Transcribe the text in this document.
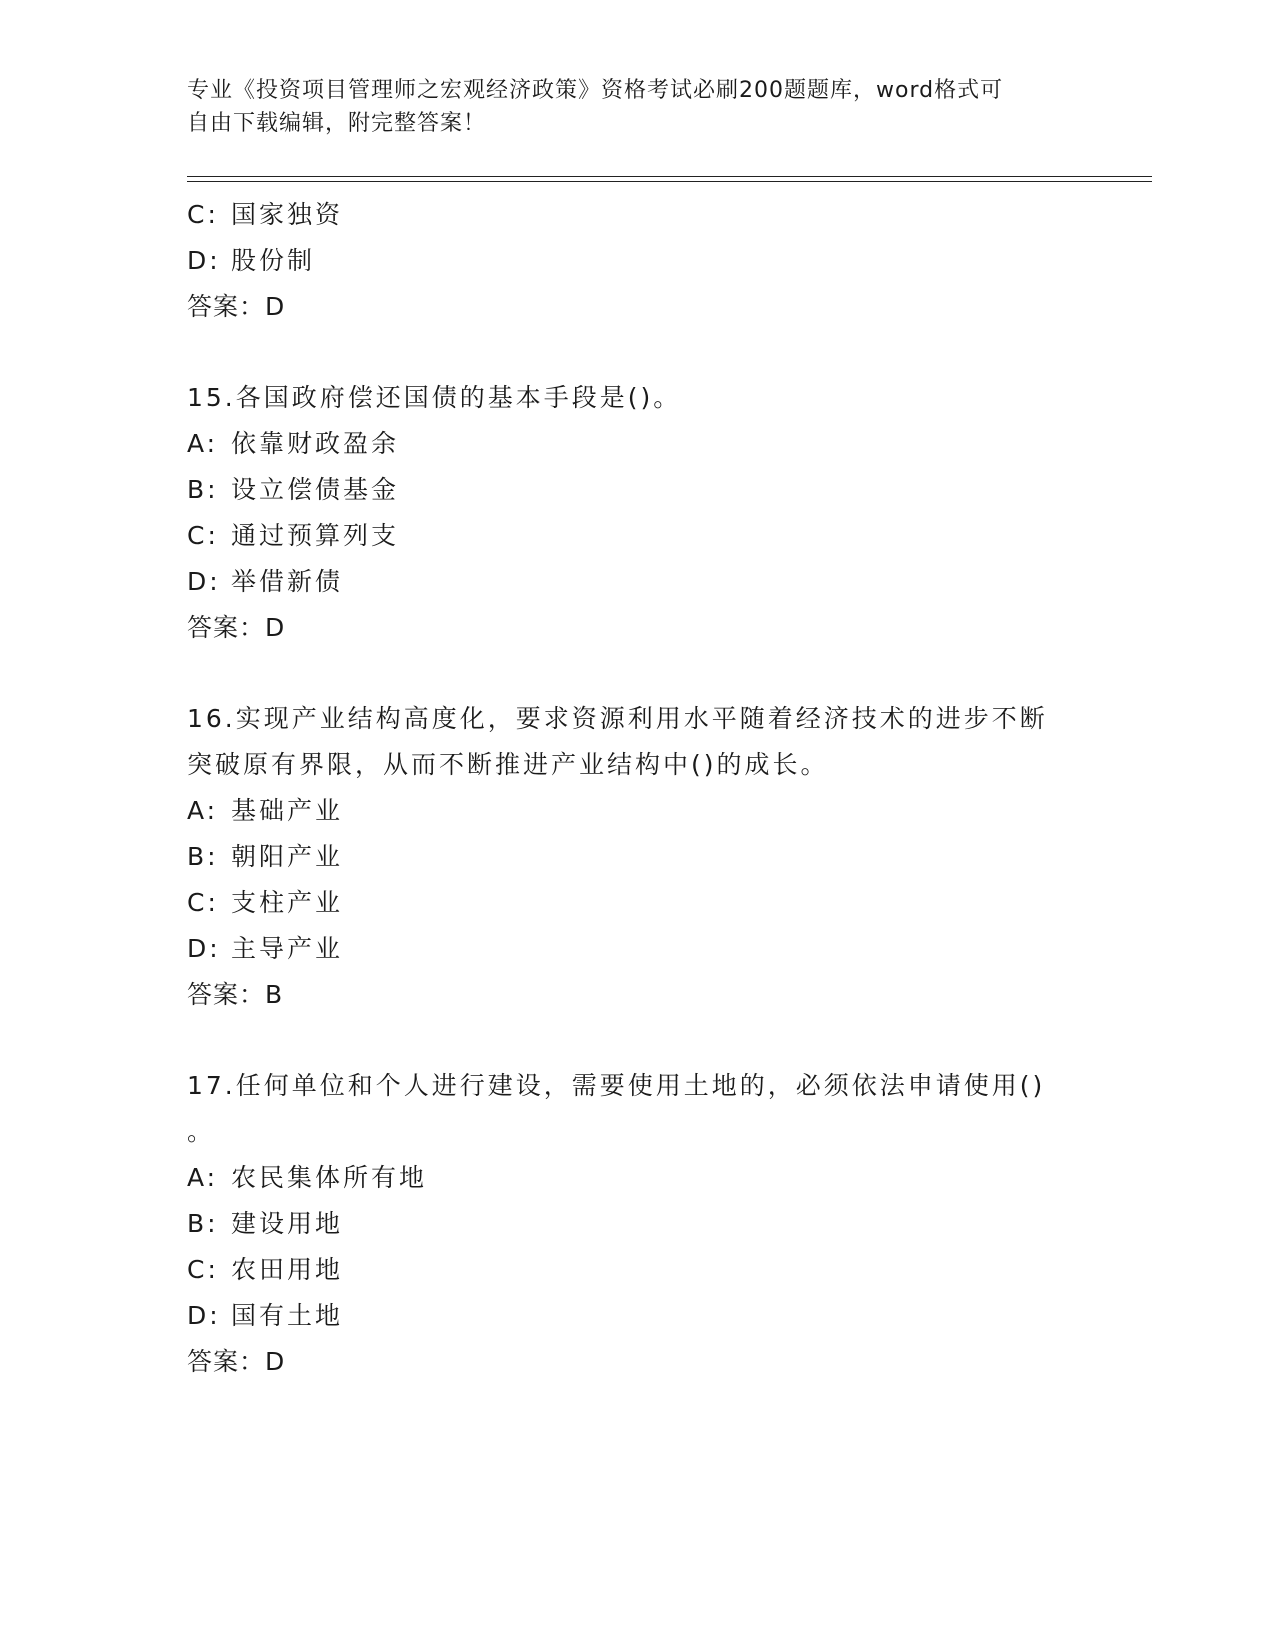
专业《投资项目管理师之宏观经济政策》资格考试必刷200题题库，word格式可
自由下载编辑，附完整答案！
C: 国家独资
D: 股份制
答案：D
15.各国政府偿还国债的基本手段是()。
A: 依靠财政盈余
B: 设立偿债基金
C: 通过预算列支
D: 举借新债
答案：D
16.实现产业结构高度化，要求资源利用水平随着经济技术的进步不断
突破原有界限，从而不断推进产业结构中()的成长。
A: 基础产业
B: 朝阳产业
C: 支柱产业
D: 主导产业
答案：B
17.任何单位和个人进行建设，需要使用土地的，必须依法申请使用()
。
A: 农民集体所有地
B: 建设用地
C: 农田用地
D: 国有土地
答案：D
